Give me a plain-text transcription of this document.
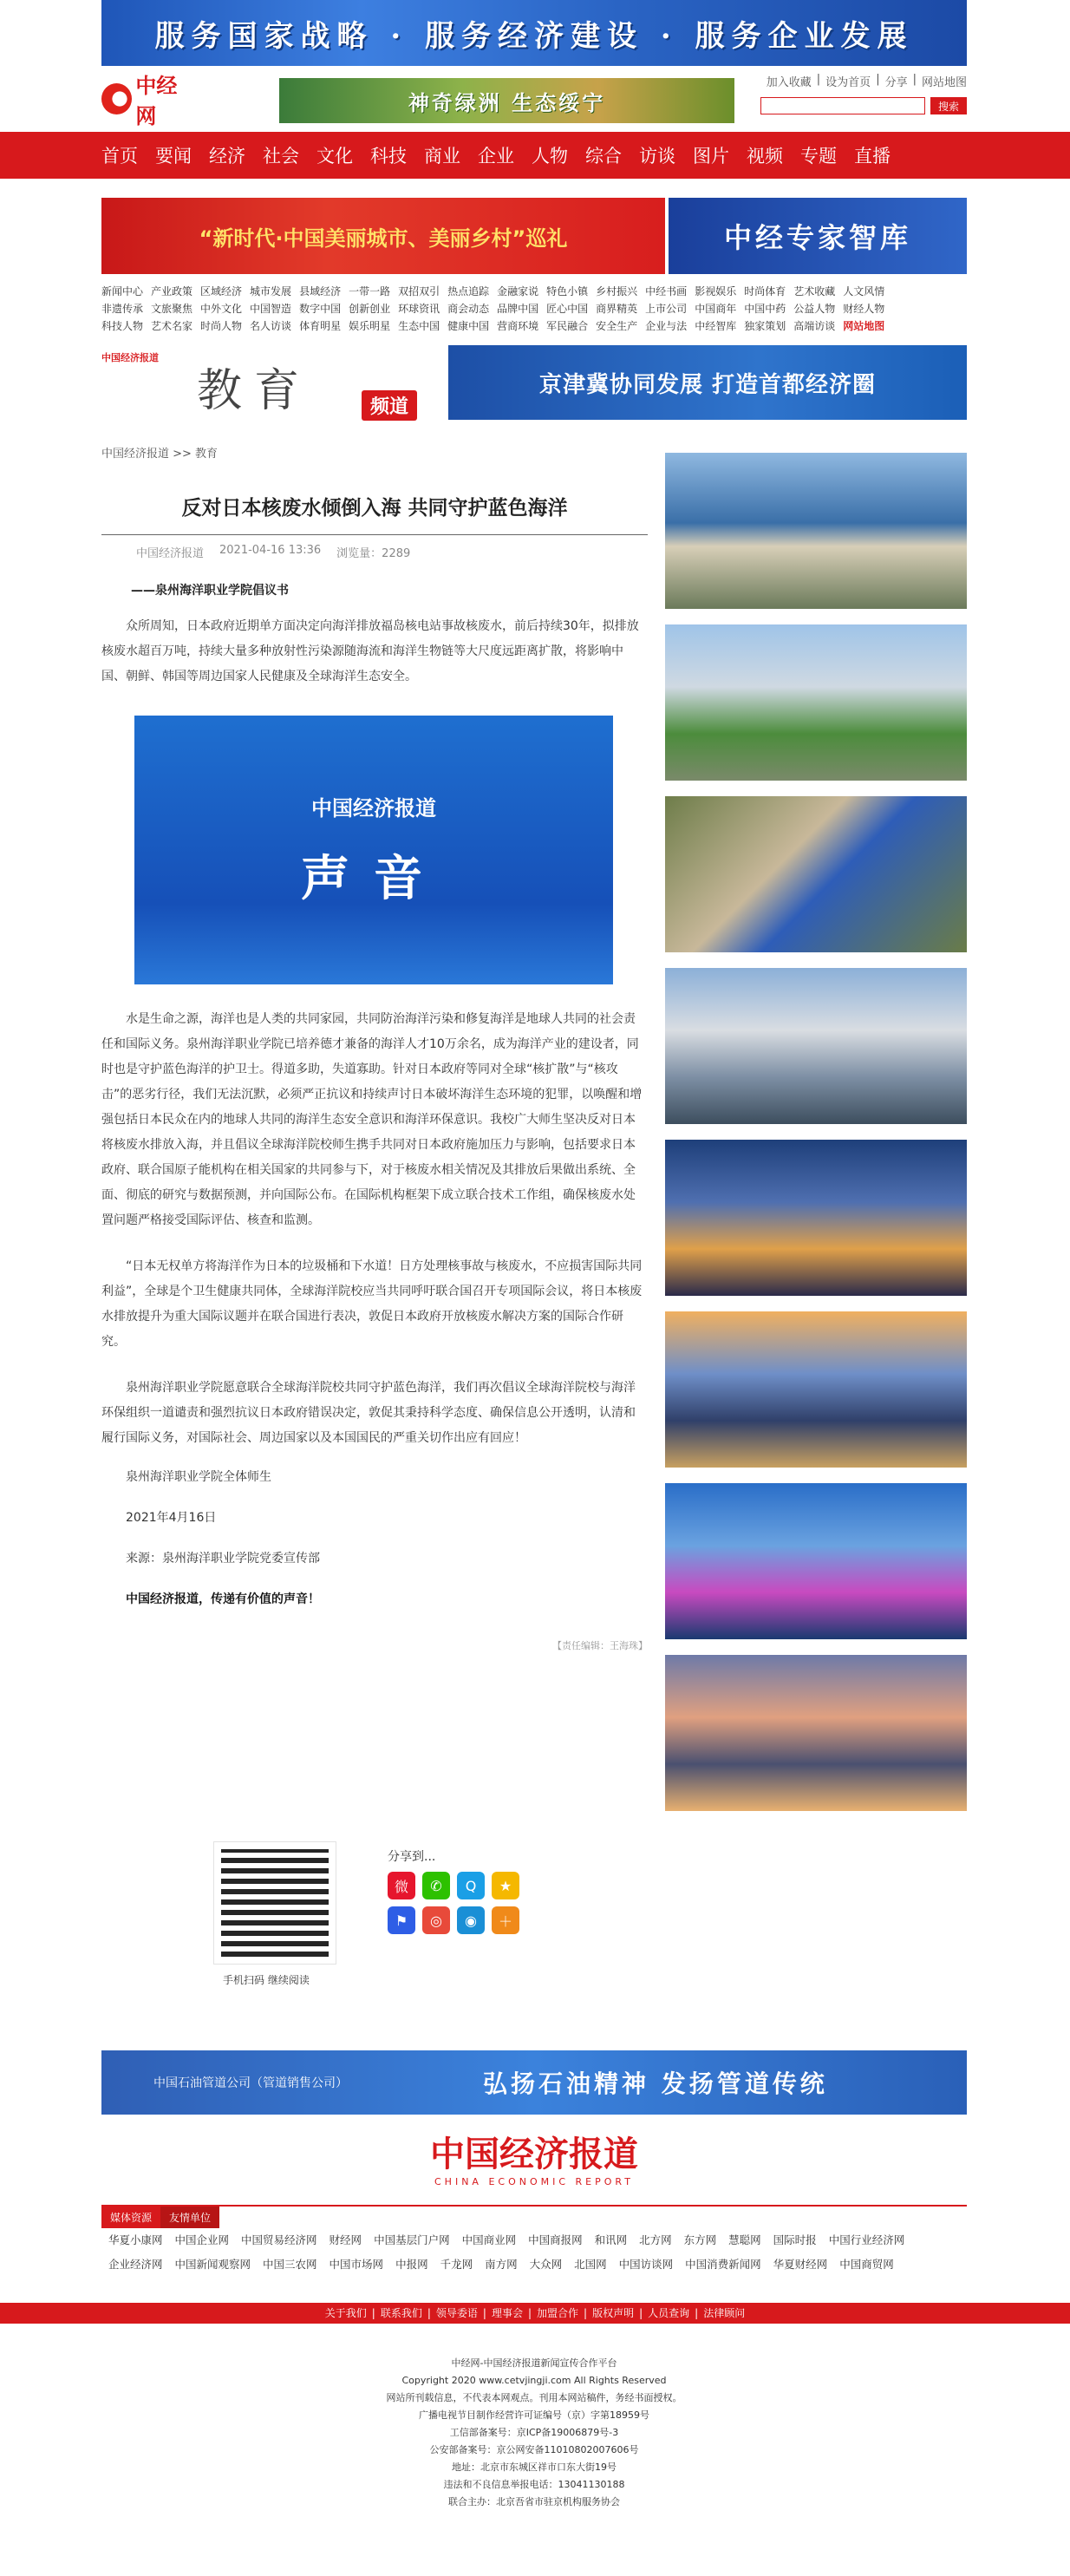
服务国家战略 · 服务经济建设 · 服务企业发展
中经网
神奇绿洲 生态绥宁
加入收藏 | 设为首页 | 分享 | 网站地图
搜索
首页 要闻 经济 社会 文化 科技 商业 企业 人物 综合 访谈 图片 视频 专题 直播
“新时代·中国美丽城市、美丽乡村”巡礼	中经专家智库
新闻中心 产业政策 区域经济 城市发展 县域经济 一带一路 双招双引 热点追踪 金融家说 特色小镇 乡村振兴 中经书画 影视娱乐 时尚体育 艺术收藏 人文风情
非遗传承 文旅聚焦 中外文化 中国智造 数字中国 创新创业 环球资讯 商会动态 品牌中国 匠心中国 商界精英 上市公司 中国商年 中国中药 公益人物 财经人物
科技人物 艺术名家 时尚人物 名人访谈 体育明星 娱乐明星 生态中国 健康中国 营商环境 军民融合 安全生产 企业与法 中经智库 独家策划 高端访谈 网站地图
中国经济报道
教育	频道
京津冀协同发展 打造首都经济圈
中国经济报道 >> 教育
反对日本核废水倾倒入海 共同守护蓝色海洋
中国经济报道 2021-04-16 13:36 浏览量：2289
——泉州海洋职业学院倡议书

众所周知，日本政府近期单方面决定向海洋排放福岛核电站事故核废水，前后持续30年，拟排放核废水超百万吨，持续大量多种放射性污染源随海流和海洋生物链等大尺度远距离扩散，将影响中国、朝鲜、韩国等周边国家人民健康及全球海洋生态安全。

中国经济报道
声音

水是生命之源，海洋也是人类的共同家园，共同防治海洋污染和修复海洋是地球人共同的社会责任和国际义务。泉州海洋职业学院已培养德才兼备的海洋人才10万余名，成为海洋产业的建设者，同时也是守护蓝色海洋的护卫士。得道多助，失道寡助。针对日本政府等同对全球“核扩散”与“核攻击”的恶劣行径，我们无法沉默，必须严正抗议和持续声讨日本破坏海洋生态环境的犯罪，以唤醒和增强包括日本民众在内的地球人共同的海洋生态安全意识和海洋环保意识。我校广大师生坚决反对日本将核废水排放入海，并且倡议全球海洋院校师生携手共同对日本政府施加压力与影响，包括要求日本政府、联合国原子能机构在相关国家的共同参与下，对于核废水相关情况及其排放后果做出系统、全面、彻底的研究与数据预测，并向国际公布。在国际机构框架下成立联合技术工作组，确保核废水处置问题严格接受国际评估、核查和监测。

“日本无权单方将海洋作为日本的垃圾桶和下水道！日方处理核事故与核废水，不应损害国际共同利益”，全球是个卫生健康共同体，全球海洋院校应当共同呼吁联合国召开专项国际会议，将日本核废水排放提升为重大国际议题并在联合国进行表决，敦促日本政府开放核废水解决方案的国际合作研究。

泉州海洋职业学院愿意联合全球海洋院校共同守护蓝色海洋，我们再次倡议全球海洋院校与海洋环保组织一道谴责和强烈抗议日本政府错误决定，敦促其秉持科学态度、确保信息公开透明，认清和履行国际义务，对国际社会、周边国家以及本国国民的严重关切作出应有回应！

泉州海洋职业学院全体师生

2021年4月16日

来源：泉州海洋职业学院党委宣传部

中国经济报道，传递有价值的声音！

【责任编辑：王海珠】
手机扫码 继续阅读
分享到...
微	✆	Q	★
⚑	◎	◉	＋
中国石油管道公司（管道销售公司）	弘扬石油精神 发扬管道传统
中国经济报道
CHINA ECONOMIC REPORT
媒体资源	友情单位
华夏小康网 中国企业网 中国贸易经济网 财经网 中国基层门户网 中国商业网 中国商报网 和讯网 北方网 东方网 慧聪网 国际时报 中国行业经济网
企业经济网 中国新闻观察网 中国三农网 中国市场网 中报网 千龙网 南方网 大众网 北国网 中国访谈网 中国消费新闻网 华夏财经网 中国商贸网
关于我们 | 联系我们 | 领导委语 | 理事会 | 加盟合作 | 版权声明 | 人员查询 | 法律顾问
中经网-中国经济报道新闻宣传合作平台
Copyright 2020 www.cetvjingji.com All Rights Reserved
网站所刊载信息，不代表本网观点。刊用本网站稿件，务经书面授权。
广播电视节目制作经营许可证编号（京）字第18959号
工信部备案号：京ICP备19006879号-3
公安部备案号：京公网安备11010802007606号
地址：北京市东城区祥市口东大街19号
违法和不良信息举报电话：13041130188
联合主办：北京吾省市驻京机构服务协会
